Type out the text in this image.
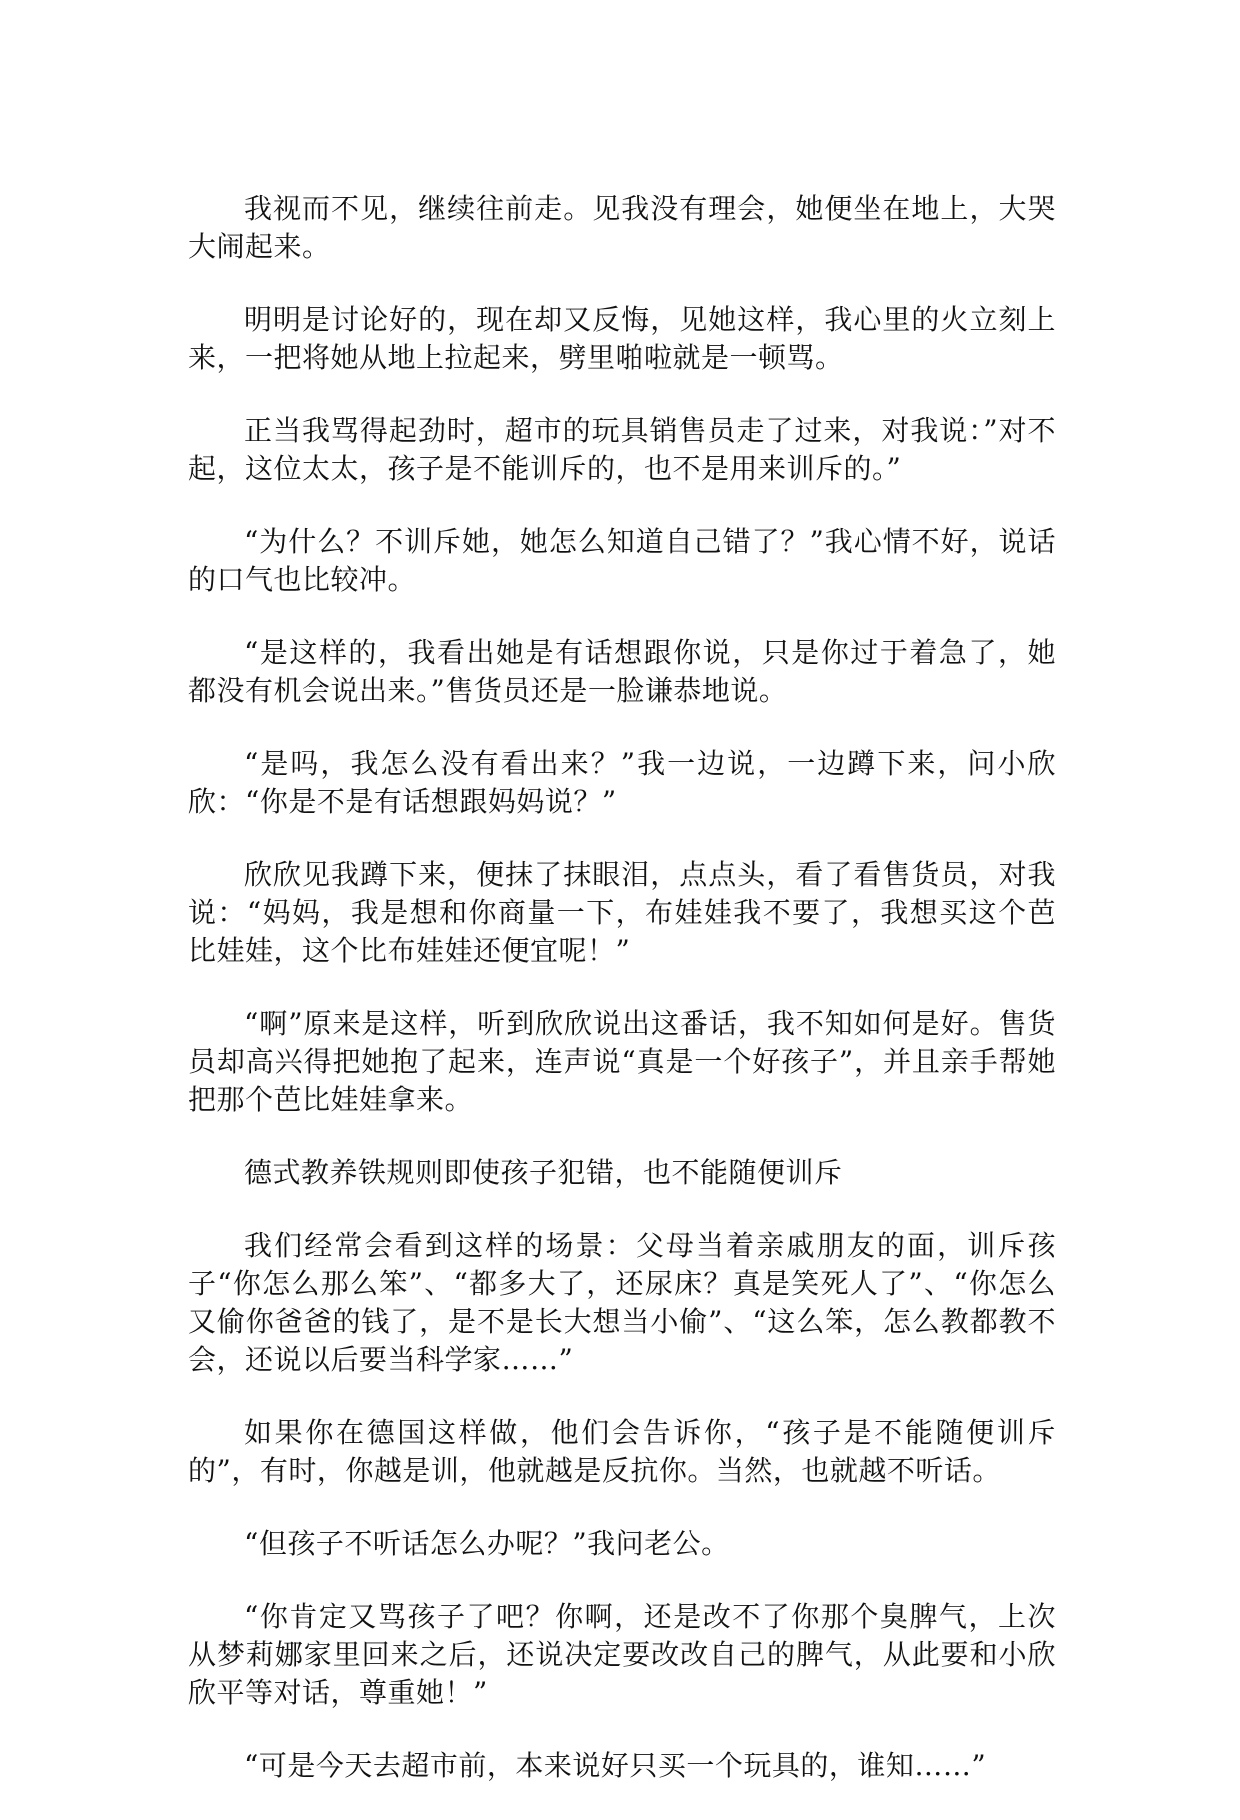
我视而不见，继续往前走。见我没有理会，她便坐在地上，大哭大闹起来。

明明是讨论好的，现在却又反悔，见她这样，我心里的火立刻上来，一把将她从地上拉起来，劈里啪啦就是一顿骂。

正当我骂得起劲时，超市的玩具销售员走了过来，对我说：”对不起，这位太太，孩子是不能训斥的，也不是用来训斥的。”

“为什么？不训斥她，她怎么知道自己错了？”我心情不好，说话的口气也比较冲。

“是这样的，我看出她是有话想跟你说，只是你过于着急了，她都没有机会说出来。”售货员还是一脸谦恭地说。

“是吗，我怎么没有看出来？”我一边说，一边蹲下来，问小欣欣：“你是不是有话想跟妈妈说？”

欣欣见我蹲下来，便抹了抹眼泪，点点头，看了看售货员，对我说：“妈妈，我是想和你商量一下，布娃娃我不要了，我想买这个芭比娃娃，这个比布娃娃还便宜呢！”

“啊”原来是这样，听到欣欣说出这番话，我不知如何是好。售货员却高兴得把她抱了起来，连声说“真是一个好孩子”，并且亲手帮她把那个芭比娃娃拿来。

德式教养铁规则即使孩子犯错，也不能随便训斥

我们经常会看到这样的场景：父母当着亲戚朋友的面，训斥孩子“你怎么那么笨”、“都多大了，还尿床？真是笑死人了”、“你怎么又偷你爸爸的钱了，是不是长大想当小偷”、“这么笨，怎么教都教不会，还说以后要当科学家……”

如果你在德国这样做，他们会告诉你，“孩子是不能随便训斥的”，有时，你越是训，他就越是反抗你。当然，也就越不听话。

“但孩子不听话怎么办呢？”我问老公。

“你肯定又骂孩子了吧？你啊，还是改不了你那个臭脾气，上次从梦莉娜家里回来之后，还说决定要改改自己的脾气，从此要和小欣欣平等对话，尊重她！”

“可是今天去超市前，本来说好只买一个玩具的，谁知……”
